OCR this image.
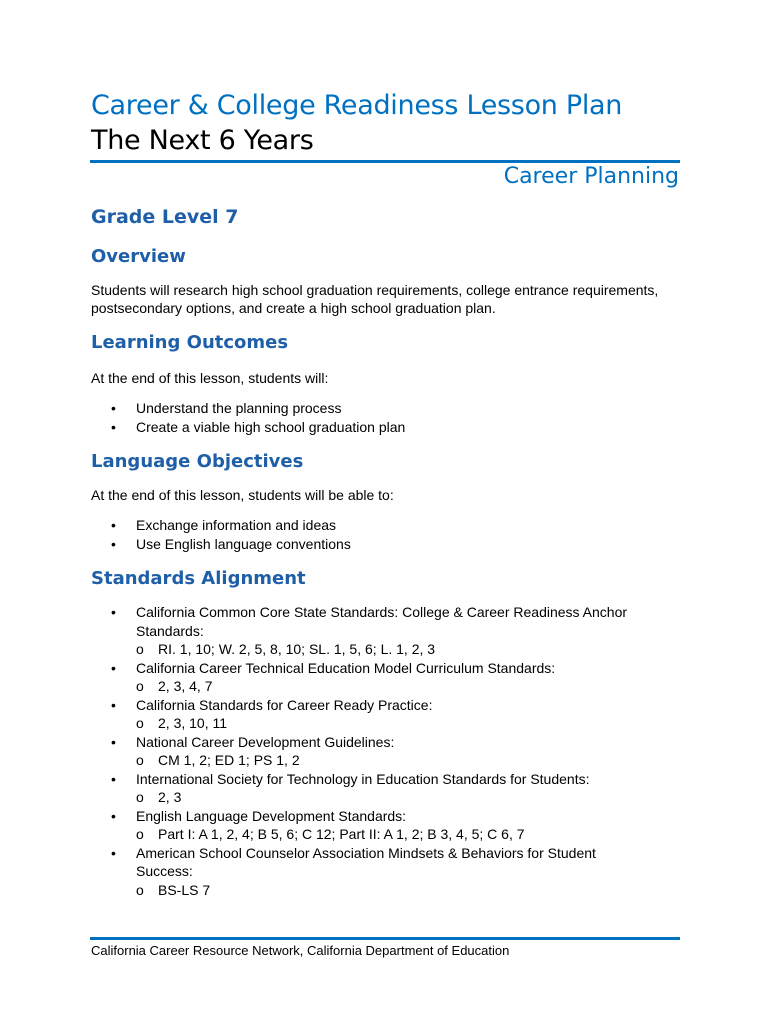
Career & College Readiness Lesson Plan
The Next 6 Years
Career Planning
Grade Level 7
Overview

Students will research high school graduation requirements, college entrance requirements, postsecondary options, and create a high school graduation plan.

Learning Outcomes

At the end of this lesson, students will:

• Understand the planning process
• Create a viable high school graduation plan
Language Objectives

At the end of this lesson, students will be able to:

• Exchange information and ideas
• Use English language conventions
Standards Alignment
• California Common Core State Standards: College & Career Readiness Anchor Standards:
o RI. 1, 10; W. 2, 5, 8, 10; SL. 1, 5, 6; L. 1, 2, 3
• California Career Technical Education Model Curriculum Standards:
o 2, 3, 4, 7
• California Standards for Career Ready Practice:
o 2, 3, 10, 11
• National Career Development Guidelines:
o CM 1, 2; ED 1; PS 1, 2
• International Society for Technology in Education Standards for Students:
o 2, 3
• English Language Development Standards:
o Part I: A 1, 2, 4; B 5, 6; C 12; Part II: A 1, 2; B 3, 4, 5; C 6, 7
• American School Counselor Association Mindsets & Behaviors for Student Success:
o BS-LS 7
California Career Resource Network, California Department of Education
